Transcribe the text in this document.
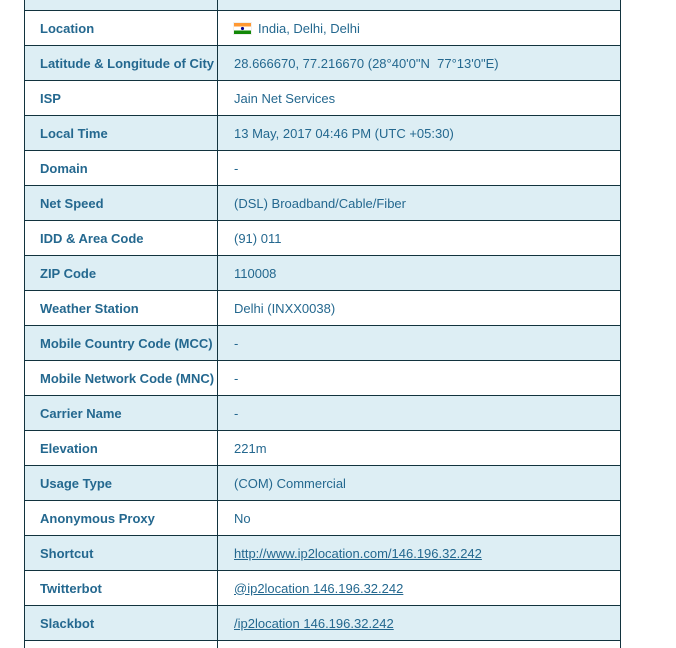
Location	India, Delhi, Delhi
Latitude & Longitude of City	28.666670, 77.216670 (28°40'0"N  77°13'0"E)
ISP	Jain Net Services
Local Time	13 May, 2017 04:46 PM (UTC +05:30)
Domain	-
Net Speed	(DSL) Broadband/Cable/Fiber
IDD & Area Code	(91) 011
ZIP Code	110008
Weather Station	Delhi (INXX0038)
Mobile Country Code (MCC)	-
Mobile Network Code (MNC)	-
Carrier Name	-
Elevation	221m
Usage Type	(COM) Commercial
Anonymous Proxy	No
Shortcut	http://www.ip2location.com/146.196.32.242
Twitterbot	@ip2location 146.196.32.242
Slackbot	/ip2location 146.196.32.242
